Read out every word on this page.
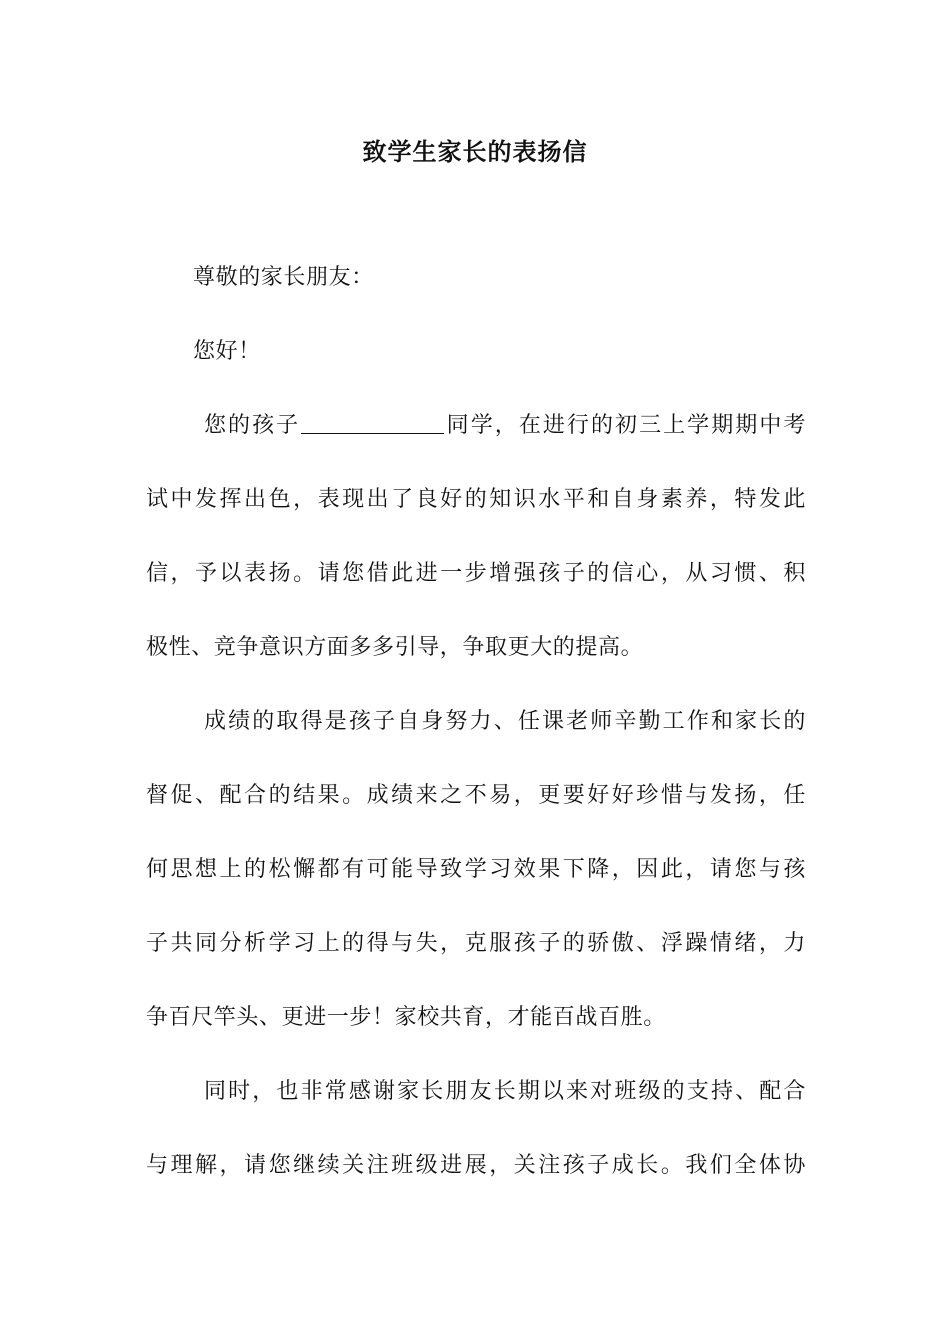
致学生家长的表扬信
尊敬的家长朋友：
您好！
您的孩子	同学，在进行的初三上学期期中考
试中发挥出色，表现出了良好的知识水平和自身素养，特发此
信，予以表扬。请您借此进一步增强孩子的信心，从习惯、积
极性、竞争意识方面多多引导，争取更大的提高。
成绩的取得是孩子自身努力、任课老师辛勤工作和家长的
督促、配合的结果。成绩来之不易，更要好好珍惜与发扬，任
何思想上的松懈都有可能导致学习效果下降，因此，请您与孩
子共同分析学习上的得与失，克服孩子的骄傲、浮躁情绪，力
争百尺竿头、更进一步！家校共育，才能百战百胜。
同时，也非常感谢家长朋友长期以来对班级的支持、配合
与理解，请您继续关注班级进展，关注孩子成长。我们全体协
